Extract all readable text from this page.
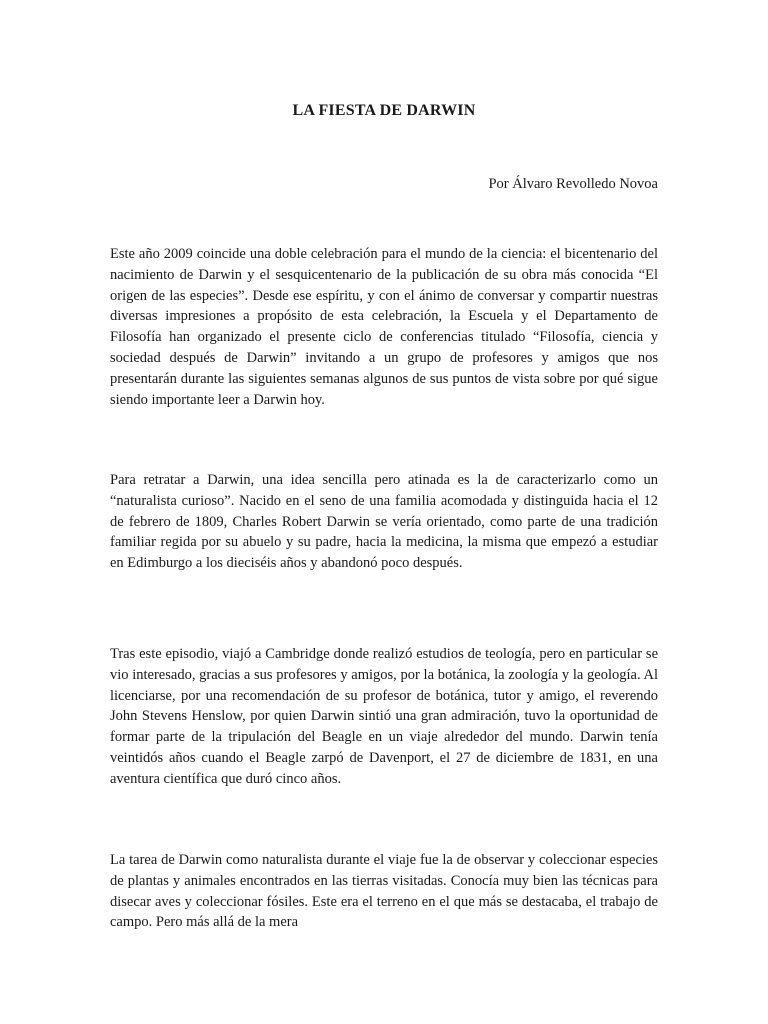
LA FIESTA DE DARWIN

Por Álvaro Revolledo Novoa

Este año 2009 coincide una doble celebración para el mundo de la ciencia: el bicentenario del nacimiento de Darwin y el sesquicentenario de la publicación de su obra más conocida “El origen de las especies”. Desde ese espíritu, y con el ánimo de conversar y compartir nuestras diversas impresiones a propósito de esta celebración, la Escuela y el Departamento de Filosofía han organizado el presente ciclo de conferencias titulado “Filosofía, ciencia y sociedad después de Darwin” invitando a un grupo de profesores y amigos que nos presentarán durante las siguientes semanas algunos de sus puntos de vista sobre por qué sigue siendo importante leer a Darwin hoy.

Para retratar a Darwin, una idea sencilla pero atinada es la de caracterizarlo como un “naturalista curioso”. Nacido en el seno de una familia acomodada y distinguida hacia el 12 de febrero de 1809, Charles Robert Darwin se vería orientado, como parte de una tradición familiar regida por su abuelo y su padre, hacia la medicina, la misma que empezó a estudiar en Edimburgo a los dieciséis años y abandonó poco después.

Tras este episodio, viajó a Cambridge donde realizó estudios de teología, pero en particular se vio interesado, gracias a sus profesores y amigos, por la botánica, la zoología y la geología. Al licenciarse, por una recomendación de su profesor de botánica, tutor y amigo, el reverendo John Stevens Henslow, por quien Darwin sintió una gran admiración, tuvo la oportunidad de formar parte de la tripulación del Beagle en un viaje alrededor del mundo. Darwin tenía veintidós años cuando el Beagle zarpó de Davenport, el 27 de diciembre de 1831, en una aventura científica que duró cinco años.

La tarea de Darwin como naturalista durante el viaje fue la de observar y coleccionar especies de plantas y animales encontrados en las tierras visitadas. Conocía muy bien las técnicas para disecar aves y coleccionar fósiles. Este era el terreno en el que más se destacaba, el trabajo de campo. Pero más allá de la mera
